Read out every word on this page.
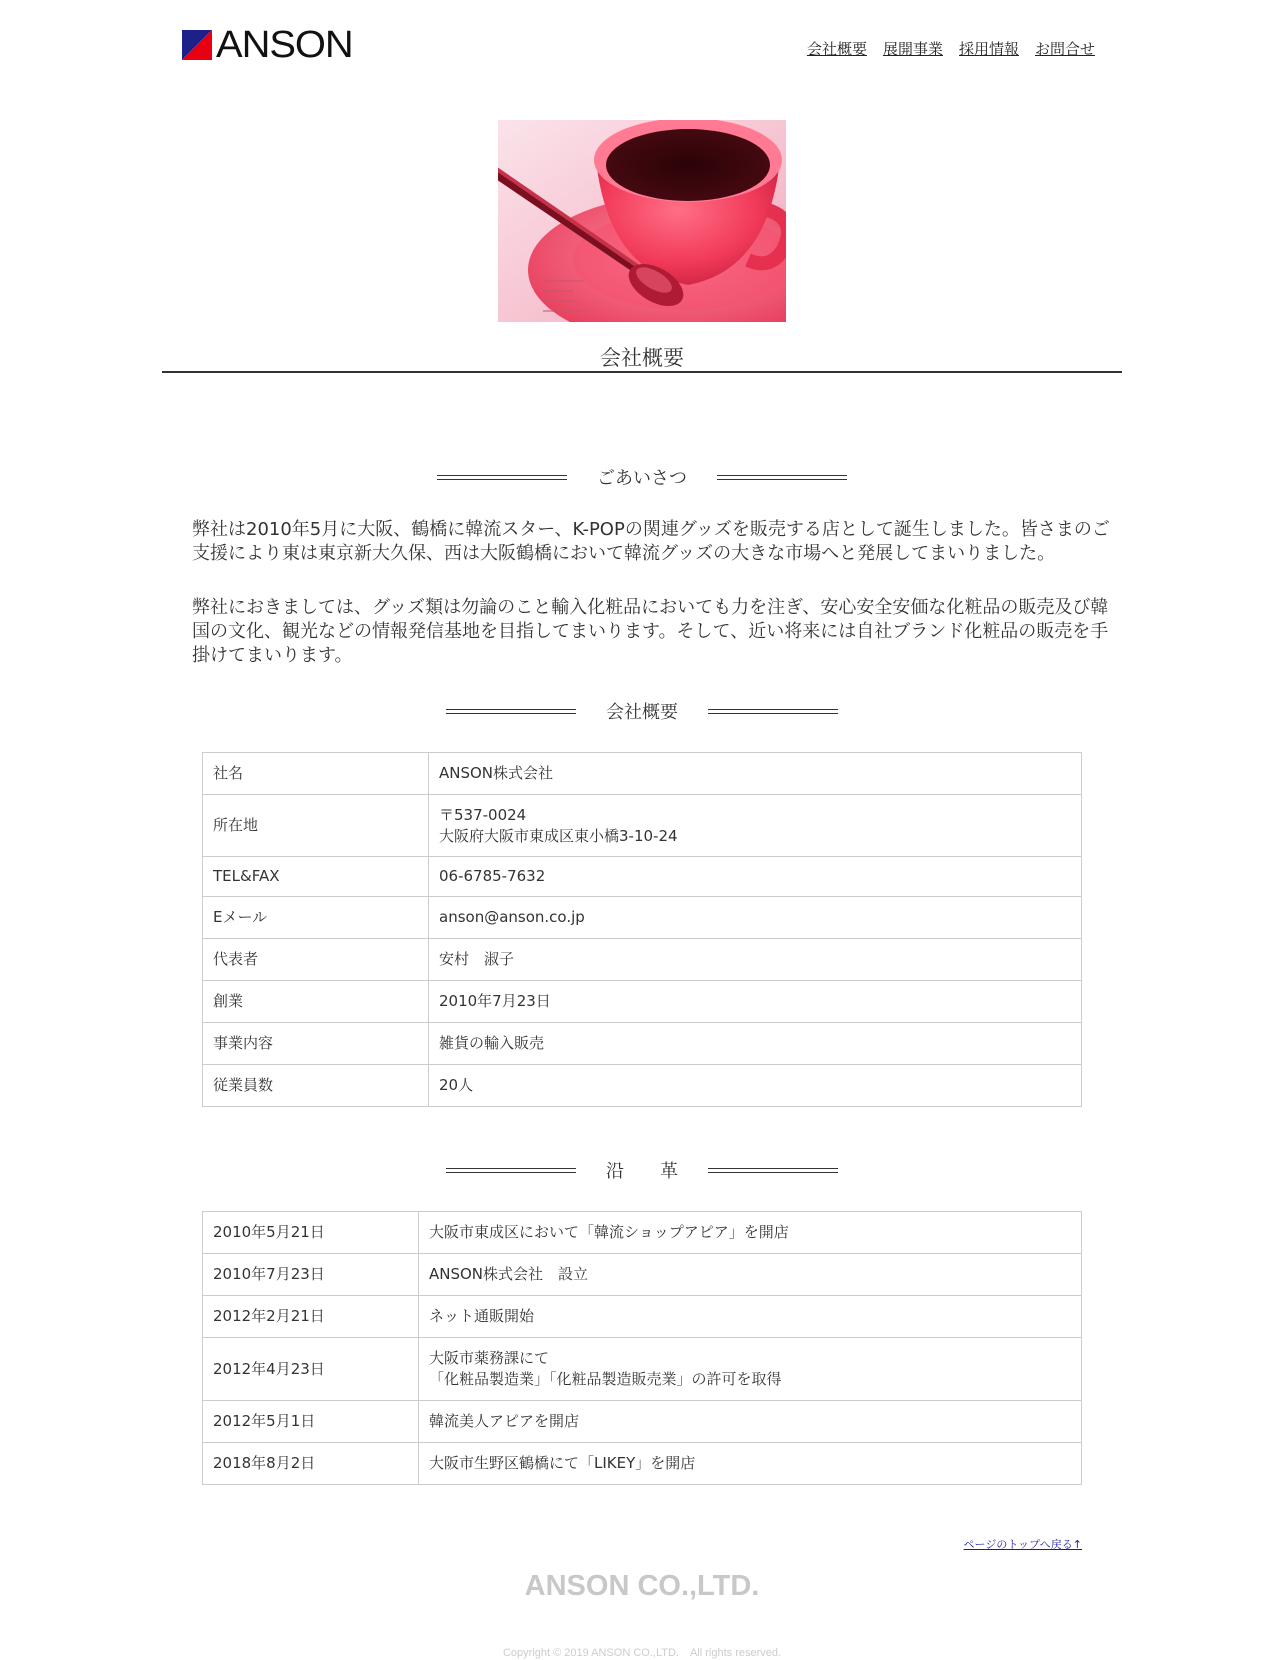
ANSON	会社概要 展開事業 採用情報 お問合せ
会社概要
ごあいさつ

弊社は2010年5月に大阪、鶴橋に韓流スター、K-POPの関連グッズを販売する店として誕生しました。皆さまのご支援により東は東京新大久保、西は大阪鶴橋において韓流グッズの大きな市場へと発展してまいりました。

弊社におきましては、グッズ類は勿論のこと輸入化粧品においても力を注ぎ、安心安全安価な化粧品の販売及び韓国の文化、観光などの情報発信基地を目指してまいります。そして、近い将来には自社ブランド化粧品の販売を手掛けてまいります。

会社概要
社名	ANSON株式会社
所在地	〒537-0024
大阪府大阪市東成区東小橋3-10-24

TEL&FAX	06-6785-7632
Eメール	anson@anson.co.jp
代表者	安村　淑子
創業	2010年7月23日
事業内容	雑貨の輸入販売
従業員数	20人
沿　　革
2010年5月21日	大阪市東成区において「韓流ショップアピア」を開店
2010年7月23日	ANSON株式会社　設立
2012年2月21日	ネット通販開始
2012年4月23日	大阪市薬務課にて
「化粧品製造業」「化粧品製造販売業」の許可を取得

2012年5月1日	韓流美人アピアを開店
2018年8月2日	大阪市生野区鶴橋にて「LIKEY」を開店
ページのトップへ戻る↑
ANSON CO.,LTD.
Copyright © 2019 ANSON CO.,LTD.　All rights reserved.
